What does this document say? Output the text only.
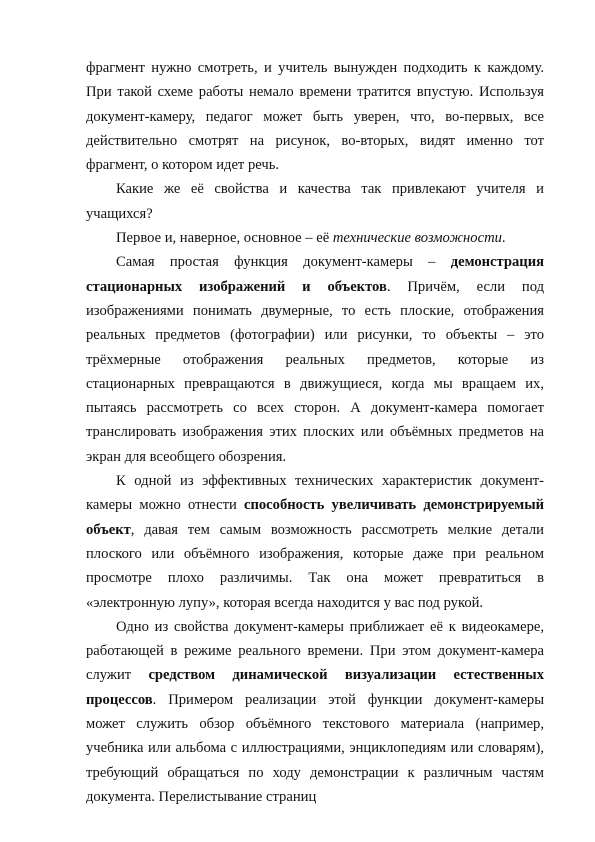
фрагмент нужно смотреть, и учитель вынужден подходить к каждому. При такой схеме работы немало времени тратится впустую. Используя документ-камеру, педагог может быть уверен, что, во-первых, все действительно смотрят на рисунок, во-вторых, видят именно тот фрагмент, о котором идет речь.

Какие же её свойства и качества так привлекают учителя и учащихся?

Первое и, наверное, основное – её технические возможности.

Самая простая функция документ-камеры – демонстрация стационарных изображений и объектов. Причём, если под изображениями понимать двумерные, то есть плоские, отображения реальных предметов (фотографии) или рисунки, то объекты – это трёхмерные отображения реальных предметов, которые из стационарных превращаются в движущиеся, когда мы вращаем их, пытаясь рассмотреть со всех сторон. А документ-камера помогает транслировать изображения этих плоских или объёмных предметов на экран для всеобщего обозрения.

К одной из эффективных технических характеристик документ-камеры можно отнести способность увеличивать демонстрируемый объект, давая тем самым возможность рассмотреть мелкие детали плоского или объёмного изображения, которые даже при реальном просмотре плохо различимы. Так она может превратиться в «электронную лупу», которая всегда находится у вас под рукой.

Одно из свойства документ-камеры приближает её к видеокамере, работающей в режиме реального времени. При этом документ-камера служит средством динамической визуализации естественных процессов. Примером реализации этой функции документ-камеры может служить обзор объёмного текстового материала (например, учебника или альбома с иллюстрациями, энциклопедиям или словарям), требующий обращаться по ходу демонстрации к различным частям документа. Перелистывание страниц
